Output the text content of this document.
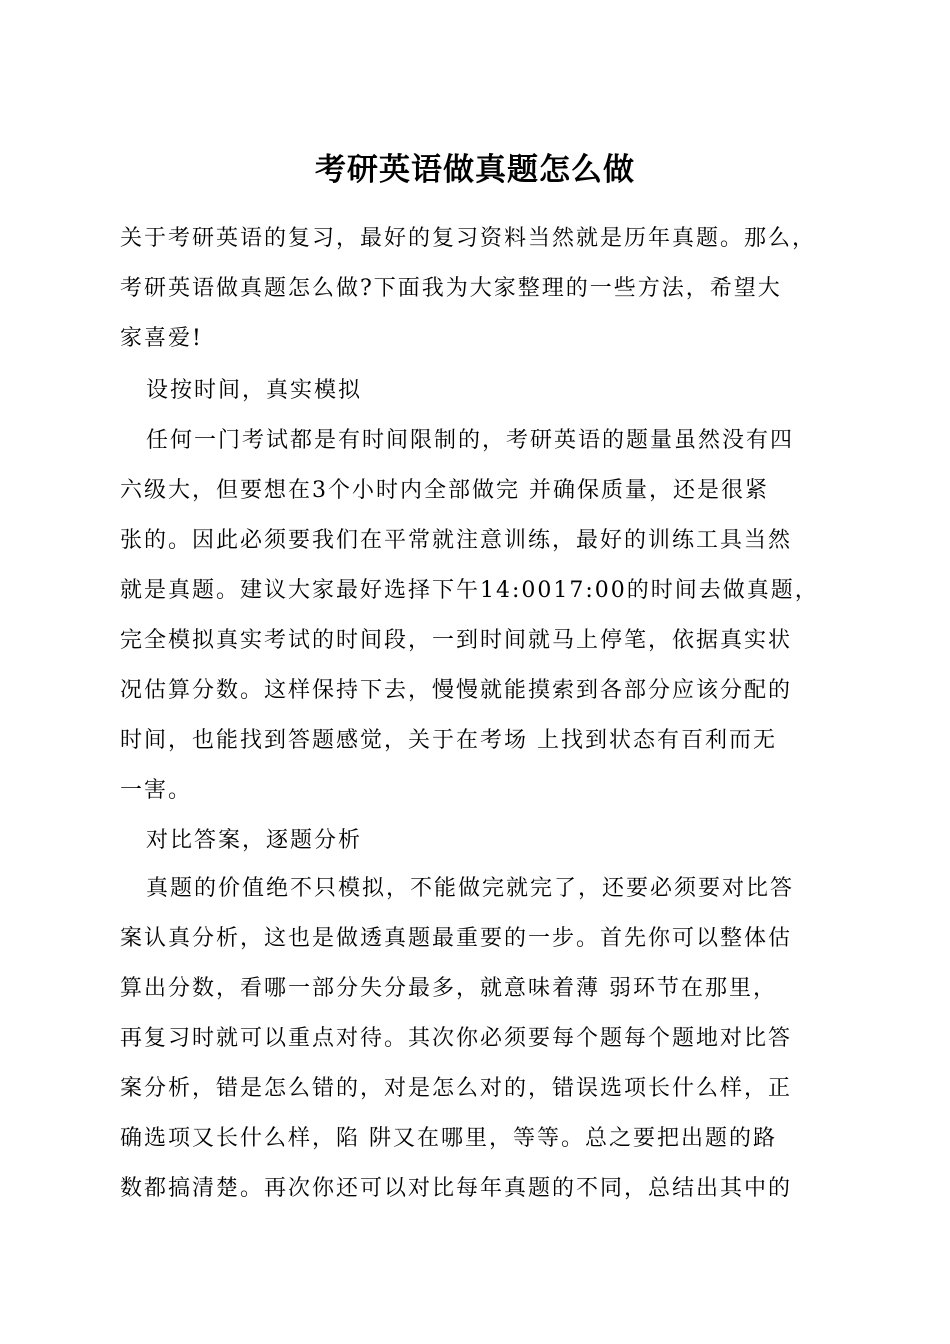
考研英语做真题怎么做
关于考研英语的复习，最好的复习资料当然就是历年真题。那么，
考研英语做真题怎么做?下面我为大家整理的一些方法，希望大
家喜爱!
设按时间，真实模拟
任何一门考试都是有时间限制的，考研英语的题量虽然没有四
六级大，但要想在3个小时内全部做完 并确保质量，还是很紧
张的。因此必须要我们在平常就注意训练，最好的训练工具当然
就是真题。建议大家最好选择下午14:0017:00的时间去做真题，
完全模拟真实考试的时间段，一到时间就马上停笔，依据真实状
况估算分数。这样保持下去，慢慢就能摸索到各部分应该分配的
时间，也能找到答题感觉，关于在考场 上找到状态有百利而无
一害。
对比答案，逐题分析
真题的价值绝不只模拟，不能做完就完了，还要必须要对比答
案认真分析，这也是做透真题最重要的一步。首先你可以整体估
算出分数，看哪一部分失分最多，就意味着薄 弱环节在那里，
再复习时就可以重点对待。其次你必须要每个题每个题地对比答
案分析，错是怎么错的，对是怎么对的，错误选项长什么样，正
确选项又长什么样，陷 阱又在哪里，等等。总之要把出题的路
数都搞清楚。再次你还可以对比每年真题的不同，总结出其中的
